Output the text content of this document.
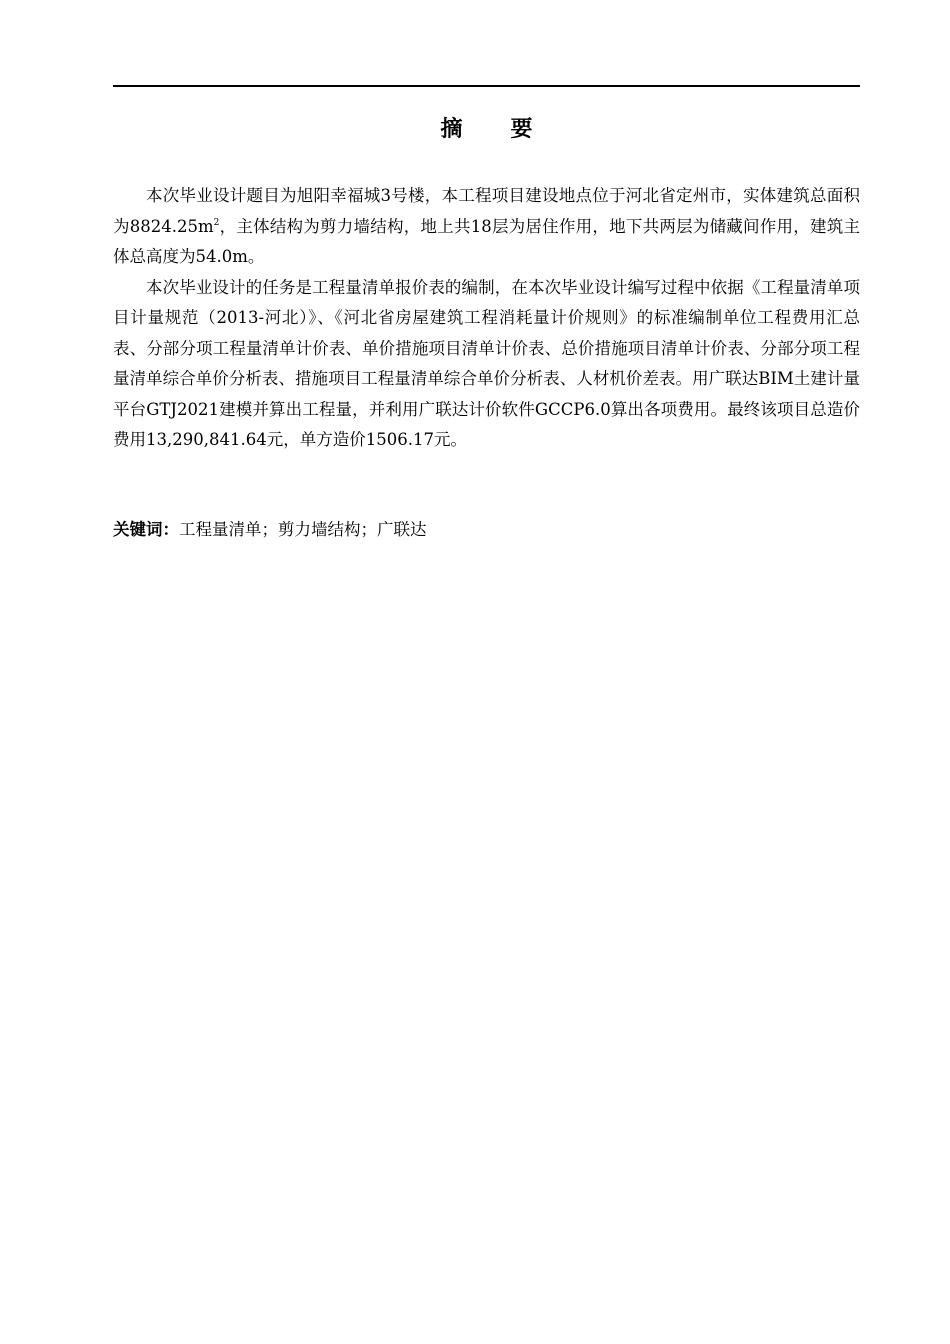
摘 要

本次毕业设计题目为旭阳幸福城3号楼，本工程项目建设地点位于河北省定州市，实体建筑总面积为$8824.25m^2$，主体结构为剪力墙结构，地上共18层为居住作用，地下共两层为储藏间作用，建筑主体总高度为54.0m。

本次毕业设计的任务是工程量清单报价表的编制，在本次毕业设计编写过程中依据《工程量清单项目计量规范（2013-河北）》、《河北省房屋建筑工程消耗量计价规则》的标准编制单位工程费用汇总表、分部分项工程量清单计价表、单价措施项目清单计价表、总价措施项目清单计价表、分部分项工程量清单综合单价分析表、措施项目工程量清单综合单价分析表、人材机价差表。用广联达BIM土建计量平台GTJ2021建模并算出工程量，并利用广联达计价软件GCCP6.0算出各项费用。最终该项目总造价费用13,290,841.64元，单方造价1506.17元。

关键词：工程量清单；剪力墙结构；广联达
